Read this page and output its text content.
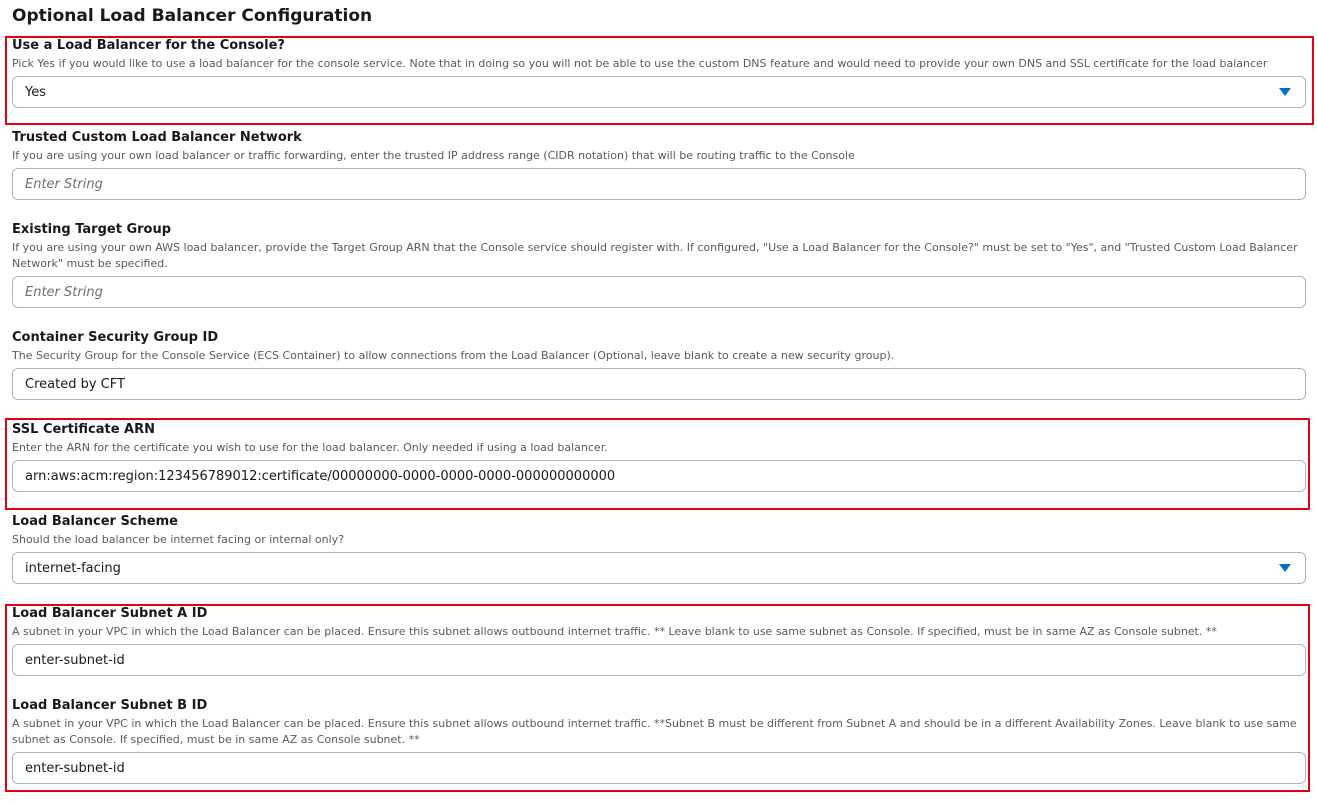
Optional Load Balancer Configuration
Use a Load Balancer for the Console?
Pick Yes if you would like to use a load balancer for the console service. Note that in doing so you will not be able to use the custom DNS feature and would need to provide your own DNS and SSL certificate for the load balancer
Yes
Trusted Custom Load Balancer Network
If you are using your own load balancer or traffic forwarding, enter the trusted IP address range (CIDR notation) that will be routing traffic to the Console
Enter String
Existing Target Group
If you are using your own AWS load balancer, provide the Target Group ARN that the Console service should register with. If configured, "Use a Load Balancer for the Console?" must be set to "Yes", and "Trusted Custom Load Balancer Network" must be specified.
Enter String
Container Security Group ID
The Security Group for the Console Service (ECS Container) to allow connections from the Load Balancer (Optional, leave blank to create a new security group).
Created by CFT
SSL Certificate ARN
Enter the ARN for the certificate you wish to use for the load balancer. Only needed if using a load balancer.
arn:aws:acm:region:123456789012:certificate/00000000-0000-0000-0000-000000000000
Load Balancer Scheme
Should the load balancer be internet facing or internal only?
internet-facing
Load Balancer Subnet A ID
A subnet in your VPC in which the Load Balancer can be placed. Ensure this subnet allows outbound internet traffic. ** Leave blank to use same subnet as Console. If specified, must be in same AZ as Console subnet. **
enter-subnet-id
Load Balancer Subnet B ID
A subnet in your VPC in which the Load Balancer can be placed. Ensure this subnet allows outbound internet traffic. **Subnet B must be different from Subnet A and should be in a different Availability Zones. Leave blank to use same subnet as Console. If specified, must be in same AZ as Console subnet. **
enter-subnet-id
